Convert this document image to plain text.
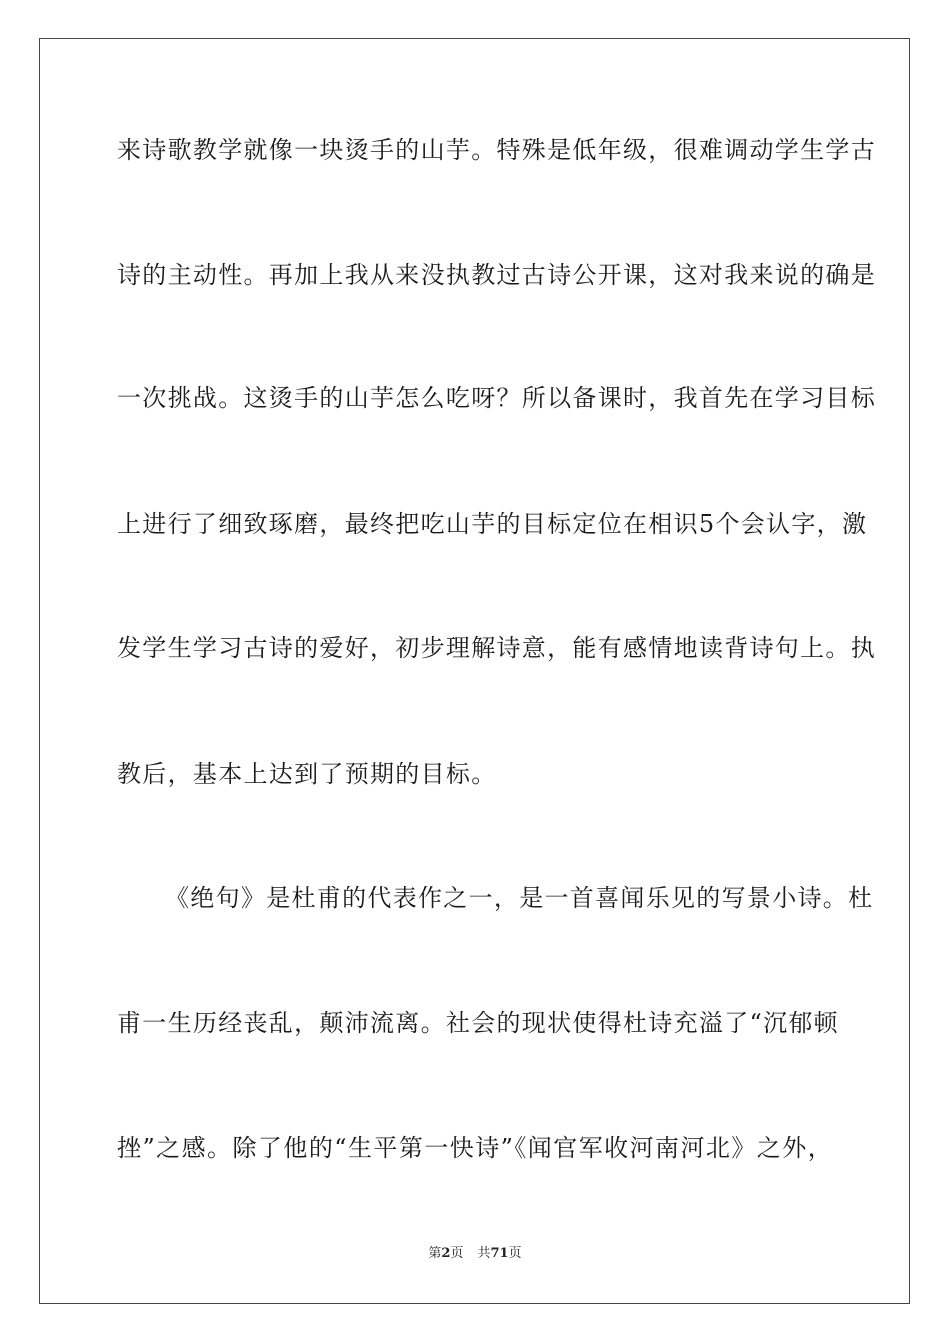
来诗歌教学就像一块烫手的山芋。特殊是低年级，很难调动学生学古
诗的主动性。再加上我从来没执教过古诗公开课，这对我来说的确是
一次挑战。这烫手的山芋怎么吃呀？所以备课时，我首先在学习目标
上进行了细致琢磨，最终把吃山芋的目标定位在相识5个会认字，激
发学生学习古诗的爱好，初步理解诗意，能有感情地读背诗句上。执
教后，基本上达到了预期的目标。
《绝句》是杜甫的代表作之一，是一首喜闻乐见的写景小诗。杜
甫一生历经丧乱，颠沛流离。社会的现状使得杜诗充溢了“沉郁顿
挫”之感。除了他的“生平第一快诗”《闻官军收河南河北》之外，
第2页 共71页
